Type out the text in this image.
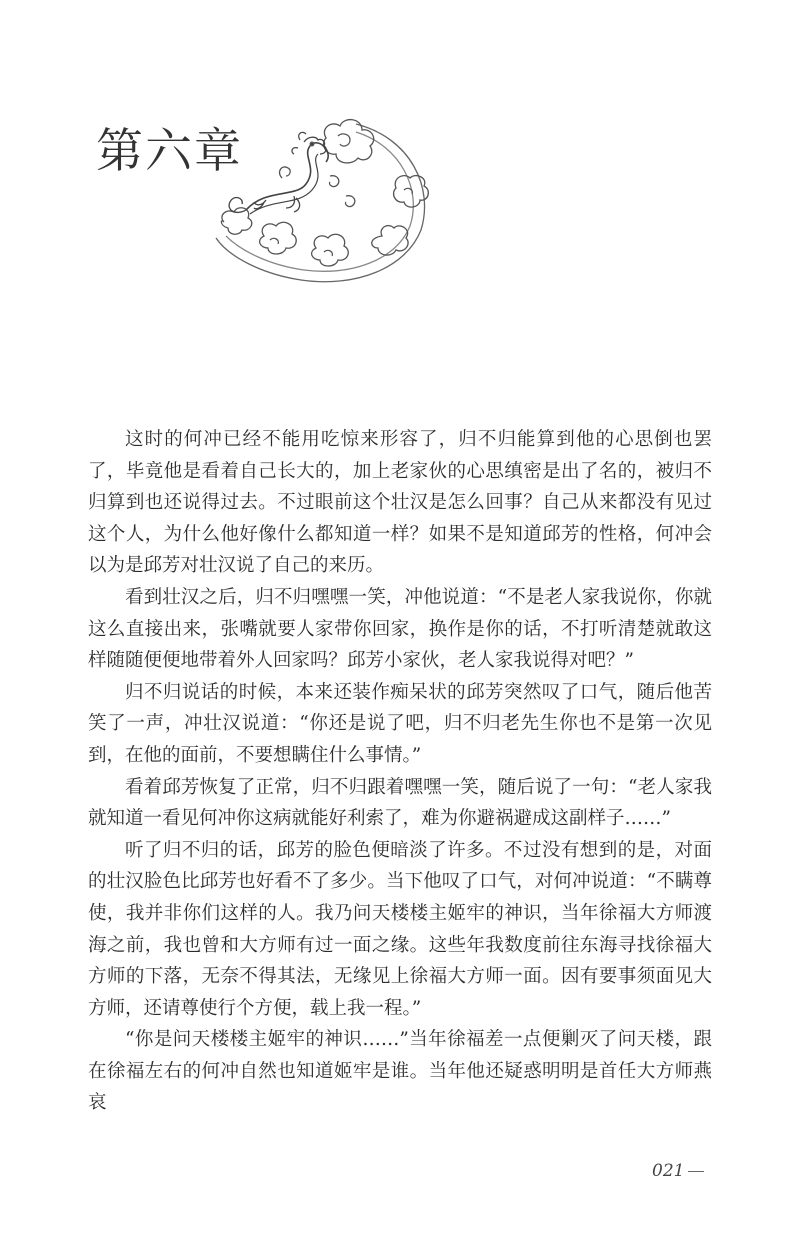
第六章

这时的何冲已经不能用吃惊来形容了，归不归能算到他的心思倒也罢了，毕竟他是看着自己长大的，加上老家伙的心思缜密是出了名的，被归不归算到也还说得过去。不过眼前这个壮汉是怎么回事？自己从来都没有见过这个人，为什么他好像什么都知道一样？如果不是知道邱芳的性格，何冲会以为是邱芳对壮汉说了自己的来历。

看到壮汉之后，归不归嘿嘿一笑，冲他说道：“不是老人家我说你，你就这么直接出来，张嘴就要人家带你回家，换作是你的话，不打听清楚就敢这样随随便便地带着外人回家吗？邱芳小家伙，老人家我说得对吧？”

归不归说话的时候，本来还装作痴呆状的邱芳突然叹了口气，随后他苦笑了一声，冲壮汉说道：“你还是说了吧，归不归老先生你也不是第一次见到，在他的面前，不要想瞒住什么事情。”

看着邱芳恢复了正常，归不归跟着嘿嘿一笑，随后说了一句：“老人家我就知道一看见何冲你这病就能好利索了，难为你避祸避成这副样子……”

听了归不归的话，邱芳的脸色便暗淡了许多。不过没有想到的是，对面的壮汉脸色比邱芳也好看不了多少。当下他叹了口气，对何冲说道：“不瞒尊使，我并非你们这样的人。我乃问天楼楼主姬牢的神识，当年徐福大方师渡海之前，我也曾和大方师有过一面之缘。这些年我数度前往东海寻找徐福大方师的下落，无奈不得其法，无缘见上徐福大方师一面。因有要事须面见大方师，还请尊使行个方便，载上我一程。”

“你是问天楼楼主姬牢的神识……”当年徐福差一点便剿灭了问天楼，跟在徐福左右的何冲自然也知道姬牢是谁。当年他还疑惑明明是首任大方师燕哀

021
